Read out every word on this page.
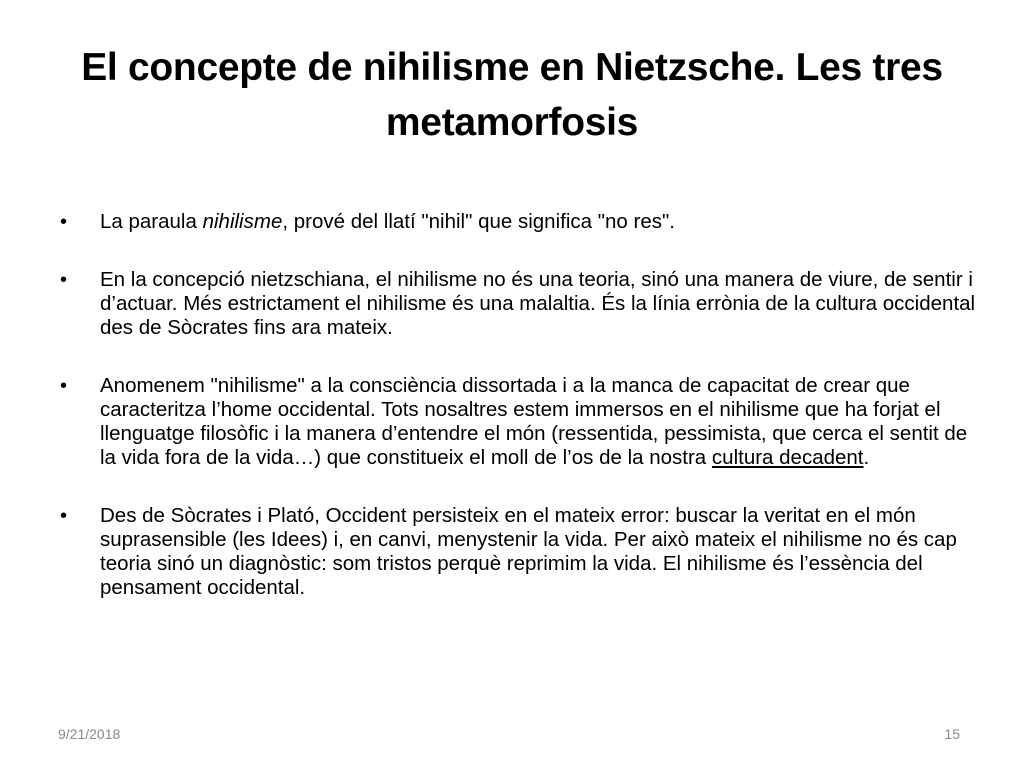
El concepte de nihilisme en Nietzsche. Les tres metamorfosis
•	La paraula nihilisme, prové del llatí "nihil" que significa "no res".
•	En la concepció nietzschiana, el nihilisme no és una teoria, sinó una manera de viure, de sentir i d’actuar. Més estrictament el nihilisme és una malaltia. És la línia errònia de la cultura occidental des de Sòcrates fins ara mateix.
•	Anomenem "nihilisme" a la consciència dissortada i a la manca de capacitat de crear que caracteritza l’home occidental. Tots nosaltres estem immersos en el nihilisme que ha forjat el llenguatge filosòfic i la manera d’entendre el món (ressentida, pessimista, que cerca el sentit de la vida fora de la vida…) que constitueix el moll de l’os de la nostra cultura decadent.
•	Des de Sòcrates i Plató, Occident persisteix en el mateix error: buscar la veritat en el món suprasensible (les Idees) i, en canvi, menystenir la vida. Per això mateix el nihilisme no és cap teoria sinó un diagnòstic: som tristos perquè reprimim la vida. El nihilisme és l’essència del pensament occidental.
9/21/2018	15
